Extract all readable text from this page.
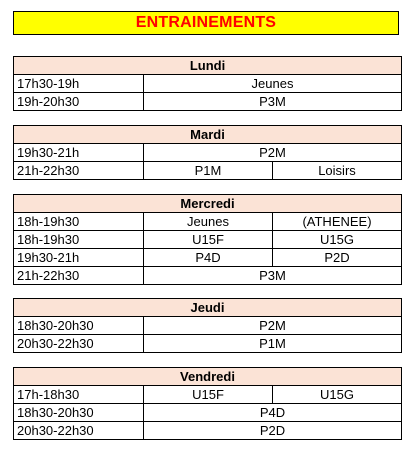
ENTRAINEMENTS
Lundi	
17h30-19h	Jeunes
19h-20h30	P3M
Mardi		
19h30-21h	P2M	
21h-22h30	P1M	Loisirs
Mercredi		
18h-19h30	Jeunes	(ATHENEE)
18h-19h30	U15F	U15G
19h30-21h	P4D	P2D
21h-22h30	P3M	
Jeudi	
18h30-20h30	P2M
20h30-22h30	P1M
Vendredi		
17h-18h30	U15F	U15G
18h30-20h30	P4D	
20h30-22h30	P2D	
